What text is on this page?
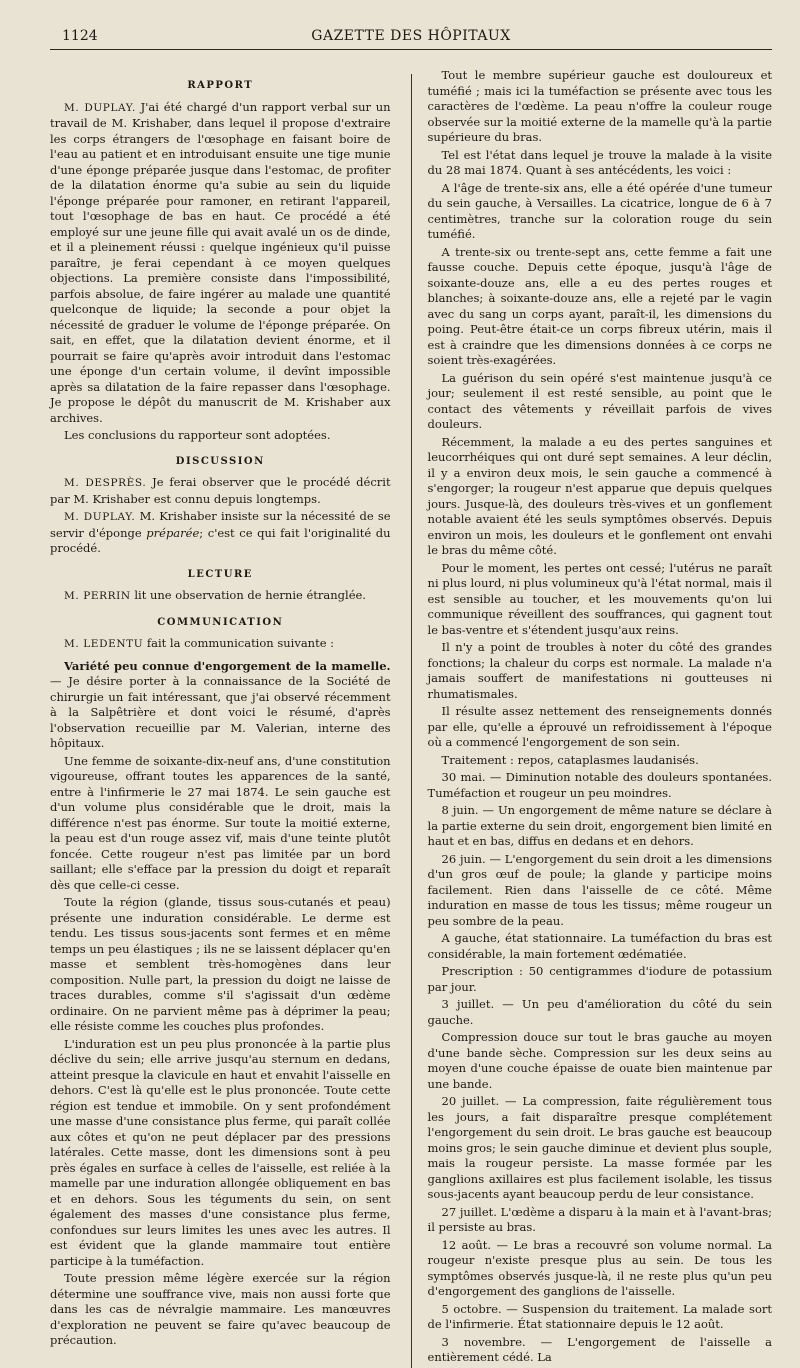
1124	GAZETTE DES HÔPITAUX
RAPPORT

M. DUPLAY. J'ai été chargé d'un rapport verbal sur un travail de M. Krishaber, dans lequel il propose d'extraire les corps étrangers de l'œsophage en faisant boire de l'eau au patient et en introduisant ensuite une tige munie d'une éponge préparée jusque dans l'estomac, de profiter de la dilatation énorme qu'a subie au sein du liquide l'éponge préparée pour ramoner, en retirant l'appareil, tout l'œsophage de bas en haut. Ce procédé a été employé sur une jeune fille qui avait avalé un os de dinde, et il a pleinement réussi : quelque ingénieux qu'il puisse paraître, je ferai cependant à ce moyen quelques objections. La première consiste dans l'impossibilité, parfois absolue, de faire ingérer au malade une quantité quelconque de liquide; la seconde a pour objet la nécessité de graduer le volume de l'éponge préparée. On sait, en effet, que la dilatation devient énorme, et il pourrait se faire qu'après avoir introduit dans l'estomac une éponge d'un certain volume, il devînt impossible après sa dilatation de la faire repasser dans l'œsophage. Je propose le dépôt du manuscrit de M. Krishaber aux archives.

Les conclusions du rapporteur sont adoptées.

DISCUSSION

M. DESPRÈS. Je ferai observer que le procédé décrit par M. Krishaber est connu depuis longtemps.

M. DUPLAY. M. Krishaber insiste sur la nécessité de se servir d'éponge préparée; c'est ce qui fait l'originalité du procédé.

LECTURE

M. PERRIN lit une observation de hernie étranglée.

COMMUNICATION

M. LEDENTU fait la communication suivante :

Variété peu connue d'engorgement de la mamelle. — Je désire porter à la connaissance de la Société de chirurgie un fait intéressant, que j'ai observé récemment à la Salpêtrière et dont voici le résumé, d'après l'observation recueillie par M. Valerian, interne des hôpitaux.

Une femme de soixante-dix-neuf ans, d'une constitution vigoureuse, offrant toutes les apparences de la santé, entre à l'infirmerie le 27 mai 1874. Le sein gauche est d'un volume plus considérable que le droit, mais la différence n'est pas énorme. Sur toute la moitié externe, la peau est d'un rouge assez vif, mais d'une teinte plutôt foncée. Cette rougeur n'est pas limitée par un bord saillant; elle s'efface par la pression du doigt et reparaît dès que celle-ci cesse.

Toute la région (glande, tissus sous-cutanés et peau) présente une induration considérable. Le derme est tendu. Les tissus sous-jacents sont fermes et en même temps un peu élastiques ; ils ne se laissent déplacer qu'en masse et semblent très-homogènes dans leur composition. Nulle part, la pression du doigt ne laisse de traces durables, comme s'il s'agissait d'un œdème ordinaire. On ne parvient même pas à déprimer la peau; elle résiste comme les couches plus profondes.

L'induration est un peu plus prononcée à la partie plus déclive du sein; elle arrive jusqu'au sternum en dedans, atteint presque la clavicule en haut et envahit l'aisselle en dehors. C'est là qu'elle est le plus prononcée. Toute cette région est tendue et immobile. On y sent profondément une masse d'une consistance plus ferme, qui paraît collée aux côtes et qu'on ne peut déplacer par des pressions latérales. Cette masse, dont les dimensions sont à peu près égales en surface à celles de l'aisselle, est reliée à la mamelle par une induration allongée obliquement en bas et en dehors. Sous les téguments du sein, on sent également des masses d'une consistance plus ferme, confondues sur leurs limites les unes avec les autres. Il est évident que la glande mammaire tout entière participe à la tuméfaction.

Toute pression même légère exercée sur la région détermine une souffrance vive, mais non aussi forte que dans les cas de névralgie mammaire. Les manœuvres d'exploration ne peuvent se faire qu'avec beaucoup de précaution.

Tout le membre supérieur gauche est douloureux et tuméfié ; mais ici la tuméfaction se présente avec tous les caractères de l'œdème. La peau n'offre la couleur rouge observée sur la moitié externe de la mamelle qu'à la partie supérieure du bras.

Tel est l'état dans lequel je trouve la malade à la visite du 28 mai 1874. Quant à ses antécédents, les voici :

A l'âge de trente-six ans, elle a été opérée d'une tumeur du sein gauche, à Versailles. La cicatrice, longue de 6 à 7 centimètres, tranche sur la coloration rouge du sein tuméfié.

A trente-six ou trente-sept ans, cette femme a fait une fausse couche. Depuis cette époque, jusqu'à l'âge de soixante-douze ans, elle a eu des pertes rouges et blanches; à soixante-douze ans, elle a rejeté par le vagin avec du sang un corps ayant, paraît-il, les dimensions du poing. Peut-être était-ce un corps fibreux utérin, mais il est à craindre que les dimensions données à ce corps ne soient très-exagérées.

La guérison du sein opéré s'est maintenue jusqu'à ce jour; seulement il est resté sensible, au point que le contact des vêtements y réveillait parfois de vives douleurs.

Récemment, la malade a eu des pertes sanguines et leucorrhéiques qui ont duré sept semaines. A leur déclin, il y a environ deux mois, le sein gauche a commencé à s'engorger; la rougeur n'est apparue que depuis quelques jours. Jusque-là, des douleurs très-vives et un gonflement notable avaient été les seuls symptômes observés. Depuis environ un mois, les douleurs et le gonflement ont envahi le bras du même côté.

Pour le moment, les pertes ont cessé; l'utérus ne paraît ni plus lourd, ni plus volumineux qu'à l'état normal, mais il est sensible au toucher, et les mouvements qu'on lui communique réveillent des souffrances, qui gagnent tout le bas-ventre et s'étendent jusqu'aux reins.

Il n'y a point de troubles à noter du côté des grandes fonctions; la chaleur du corps est normale. La malade n'a jamais souffert de manifestations ni goutteuses ni rhumatismales.

Il résulte assez nettement des renseignements donnés par elle, qu'elle a éprouvé un refroidissement à l'époque où a commencé l'engorgement de son sein.

Traitement : repos, cataplasmes laudanisés.

30 mai. — Diminution notable des douleurs spontanées. Tuméfaction et rougeur un peu moindres.

8 juin. — Un engorgement de même nature se déclare à la partie externe du sein droit, engorgement bien limité en haut et en bas, diffus en dedans et en dehors.

26 juin. — L'engorgement du sein droit a les dimensions d'un gros œuf de poule; la glande y participe moins facilement. Rien dans l'aisselle de ce côté. Même induration en masse de tous les tissus; même rougeur un peu sombre de la peau.

A gauche, état stationnaire. La tuméfaction du bras est considérable, la main fortement œdématiée.

Prescription : 50 centigrammes d'iodure de potassium par jour.

3 juillet. — Un peu d'amélioration du côté du sein gauche.

Compression douce sur tout le bras gauche au moyen d'une bande sèche. Compression sur les deux seins au moyen d'une couche épaisse de ouate bien maintenue par une bande.

20 juillet. — La compression, faite régulièrement tous les jours, a fait disparaître presque complétement l'engorgement du sein droit. Le bras gauche est beaucoup moins gros; le sein gauche diminue et devient plus souple, mais la rougeur persiste. La masse formée par les ganglions axillaires est plus facilement isolable, les tissus sous-jacents ayant beaucoup perdu de leur consistance.

27 juillet. L'œdème a disparu à la main et à l'avant-bras; il persiste au bras.

12 août. — Le bras a recouvré son volume normal. La rougeur n'existe presque plus au sein. De tous les symptômes observés jusque-là, il ne reste plus qu'un peu d'engorgement des ganglions de l'aisselle.

5 octobre. — Suspension du traitement. La malade sort de l'infirmerie. État stationnaire depuis le 12 août.

3 novembre. — L'engorgement de l'aisselle a entièrement cédé. La
